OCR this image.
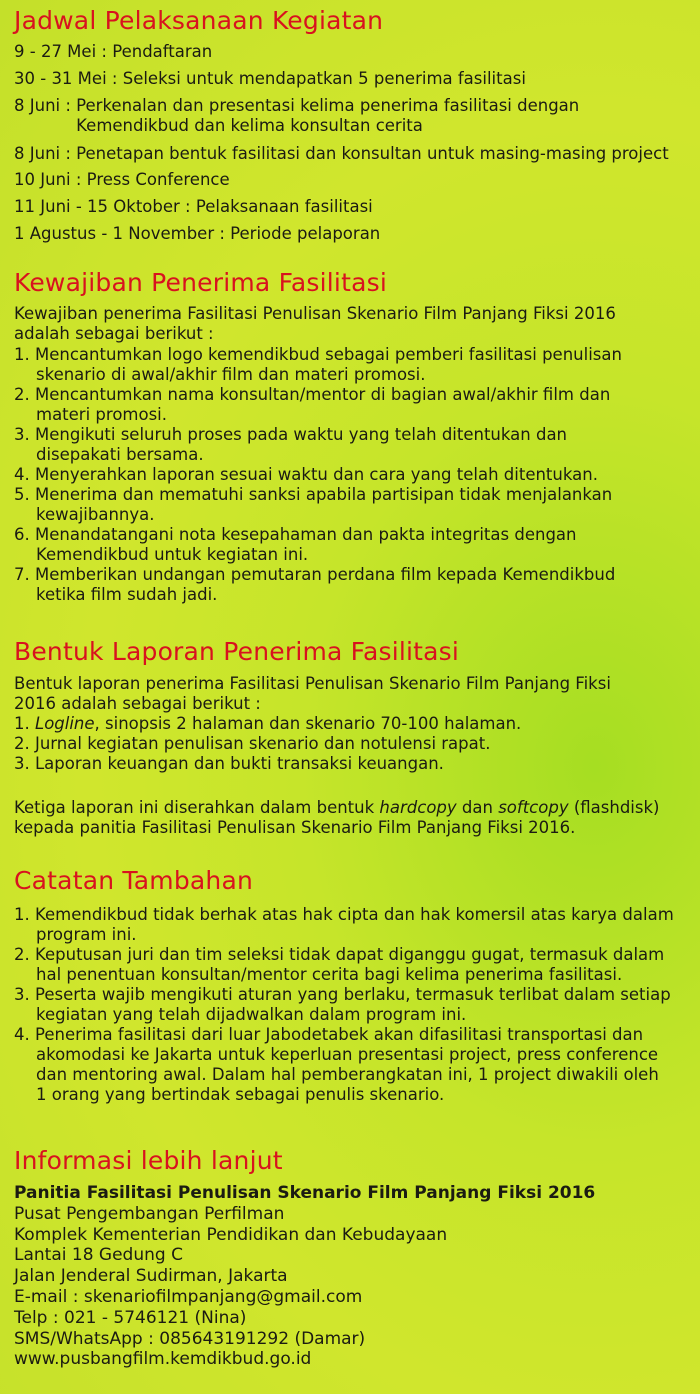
Jadwal Pelaksanaan Kegiatan
9 - 27 Mei : Pendaftaran
30 - 31 Mei : Seleksi untuk mendapatkan 5 penerima fasilitasi
8 Juni : Perkenalan dan presentasi kelima penerima fasilitasi dengan Kemendikbud dan kelima konsultan cerita
8 Juni : Penetapan bentuk fasilitasi dan konsultan untuk masing-masing project
10 Juni : Press Conference
11 Juni - 15 Oktober : Pelaksanaan fasilitasi
1 Agustus - 1 November : Periode pelaporan
Kewajiban Penerima Fasilitasi
Kewajiban penerima Fasilitasi Penulisan Skenario Film Panjang Fiksi 2016 adalah sebagai berikut :
1. Mencantumkan logo kemendikbud sebagai pemberi fasilitasi penulisan skenario di awal/akhir film dan materi promosi.
2. Mencantumkan nama konsultan/mentor di bagian awal/akhir film dan materi promosi.
3. Mengikuti seluruh proses pada waktu yang telah ditentukan dan disepakati bersama.
4. Menyerahkan laporan sesuai waktu dan cara yang telah ditentukan.
5. Menerima dan mematuhi sanksi apabila partisipan tidak menjalankan kewajibannya.
6. Menandatangani nota kesepahaman dan pakta integritas dengan Kemendikbud untuk kegiatan ini.
7. Memberikan undangan pemutaran perdana film kepada Kemendikbud ketika film sudah jadi.
Bentuk Laporan Penerima Fasilitasi
Bentuk laporan penerima Fasilitasi Penulisan Skenario Film Panjang Fiksi 2016 adalah sebagai berikut :
1. Logline, sinopsis 2 halaman dan skenario 70-100 halaman.
2. Jurnal kegiatan penulisan skenario dan notulensi rapat.
3. Laporan keuangan dan bukti transaksi keuangan.
Ketiga laporan ini diserahkan dalam bentuk hardcopy dan softcopy (flashdisk) kepada panitia Fasilitasi Penulisan Skenario Film Panjang Fiksi 2016.
Catatan Tambahan
1. Kemendikbud tidak berhak atas hak cipta dan hak komersil atas karya dalam program ini.
2. Keputusan juri dan tim seleksi tidak dapat diganggu gugat, termasuk dalam hal penentuan konsultan/mentor cerita bagi kelima penerima fasilitasi.
3. Peserta wajib mengikuti aturan yang berlaku, termasuk terlibat dalam setiap kegiatan yang telah dijadwalkan dalam program ini.
4. Penerima fasilitasi dari luar Jabodetabek akan difasilitasi transportasi dan akomodasi ke Jakarta untuk keperluan presentasi project, press conference dan mentoring awal. Dalam hal pemberangkatan ini, 1 project diwakili oleh 1 orang yang bertindak sebagai penulis skenario.
Informasi lebih lanjut
Panitia Fasilitasi Penulisan Skenario Film Panjang Fiksi 2016
Pusat Pengembangan Perfilman
Komplek Kementerian Pendidikan dan Kebudayaan
Lantai 18 Gedung C
Jalan Jenderal Sudirman, Jakarta
E-mail : skenariofilmpanjang@gmail.com
Telp : 021 - 5746121 (Nina)
SMS/WhatsApp : 085643191292 (Damar)
www.pusbangfilm.kemdikbud.go.id
